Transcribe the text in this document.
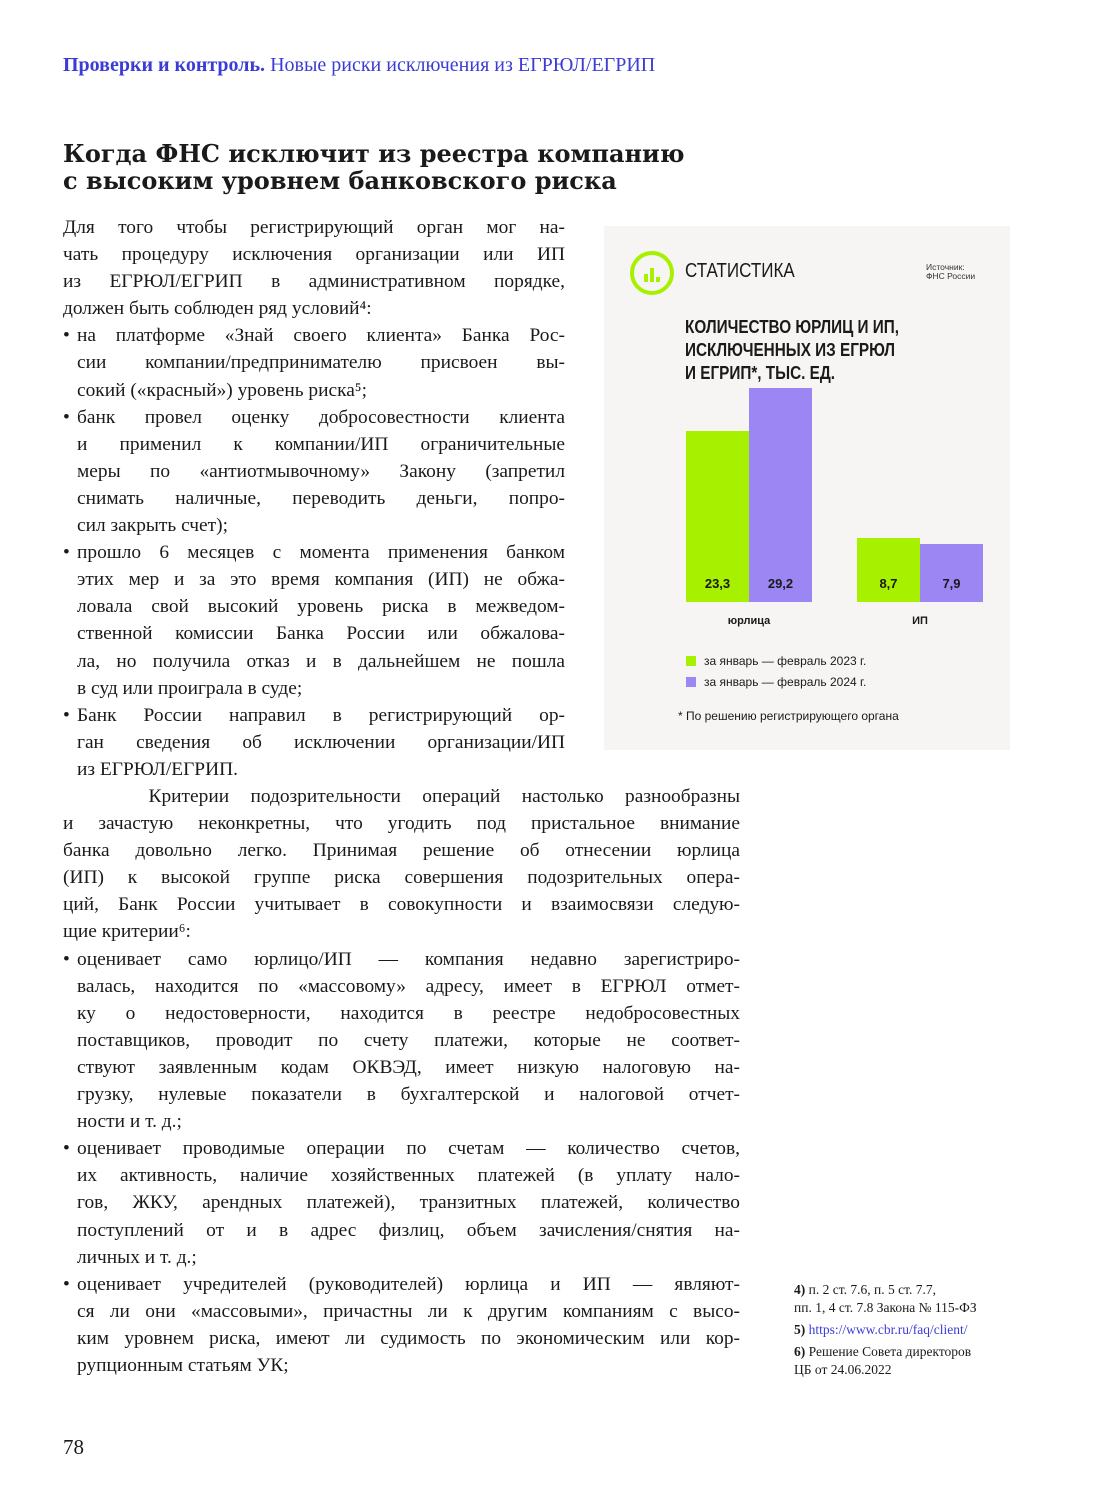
Проверки и контроль. Новые риски исключения из ЕГРЮЛ/ЕГРИП
Когда ФНС исключит из реестра компанию
с высоким уровнем банковского риска
Для того чтобы регистрирующий орган мог на-
чать процедуру исключения организации или ИП
из ЕГРЮЛ/ЕГРИП в административном порядке,
должен быть соблюден ряд условий⁴:
• на платформе «Знай своего клиента» Банка Рос-
сии компании/предпринимателю присвоен вы-
сокий («красный») уровень риска⁵;
• банк провел оценку добросовестности клиента
и применил к компании/ИП ограничительные
меры по «антиотмывочному» Закону (запретил
снимать наличные, переводить деньги, попро-
сил закрыть счет);
• прошло 6 месяцев с момента применения банком
этих мер и за это время компания (ИП) не обжа-
ловала свой высокий уровень риска в межведом-
ственной комиссии Банка России или обжалова-
ла, но получила отказ и в дальнейшем не пошла
в суд или проиграла в суде;
• Банк России направил в регистрирующий ор-
ган сведения об исключении организации/ИП
из ЕГРЮЛ/ЕГРИП.
Критерии подозрительности операций настолько разнообразны
и зачастую неконкретны, что угодить под пристальное внимание
банка довольно легко. Принимая решение об отнесении юрлица
(ИП) к высокой группе риска совершения подозрительных опера-
ций, Банк России учитывает в совокупности и взаимосвязи следую-
щие критерии⁶:
• оценивает само юрлицо/ИП — компания недавно зарегистриро-
валась, находится по «массовому» адресу, имеет в ЕГРЮЛ отмет-
ку о недостоверности, находится в реестре недобросовестных
поставщиков, проводит по счету платежи, которые не соответ-
ствуют заявленным кодам ОКВЭД, имеет низкую налоговую на-
грузку, нулевые показатели в бухгалтерской и налоговой отчет-
ности и т. д.;
• оценивает проводимые операции по счетам — количество счетов,
их активность, наличие хозяйственных платежей (в уплату нало-
гов, ЖКУ, арендных платежей), транзитных платежей, количество
поступлений от и в адрес физлиц, объем зачисления/снятия на-
личных и т. д.;
• оценивает учредителей (руководителей) юрлица и ИП — являют-
ся ли они «массовыми», причастны ли к другим компаниям с высо-
ким уровнем риска, имеют ли судимость по экономическим или кор-
рупционным статьям УК;
СТАТИСТИКА	Источник:
ФНС России
КОЛИЧЕСТВО ЮРЛИЦ И ИП,
ИСКЛЮЧЕННЫХ ИЗ ЕГРЮЛ
И ЕГРИП*, ТЫС. ЕД.
23,3	29,2
юрлица
8,7	7,9
ИП
за январь — февраль 2023 г.
за январь — февраль 2024 г.
* По решению регистрирующего органа

4) п. 2 ст. 7.6, п. 5 ст. 7.7,
пп. 1, 4 ст. 7.8 Закона № 115-ФЗ

5) https://www.cbr.ru/faq/client/

6) Решение Совета директоров
ЦБ от 24.06.2022

78
